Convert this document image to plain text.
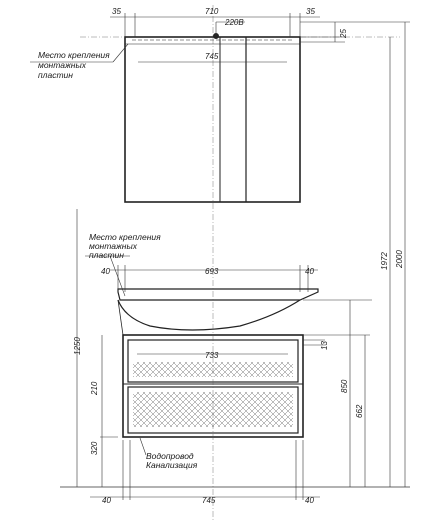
35	710	35
220В
745
25
Место крепления
монтажных
пластин
40	693	40
733
13
40	745	40
Место крепления
монтажных
пластин
Водопровод
Канализация
1250
210
320
850
662
1972 2000
